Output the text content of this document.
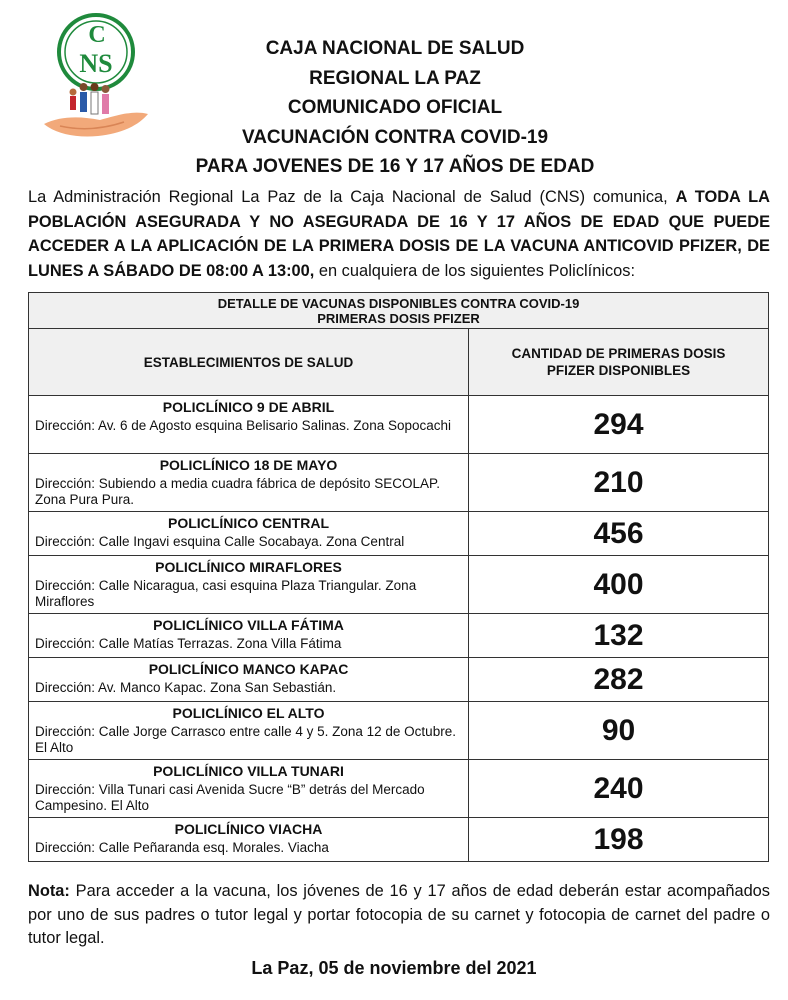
C
NS
CAJA NACIONAL DE SALUD
REGIONAL LA PAZ
COMUNICADO OFICIAL
VACUNACIÓN CONTRA COVID-19
PARA JOVENES DE 16 Y 17 AÑOS DE EDAD
La Administración Regional La Paz de la Caja Nacional de Salud (CNS) comunica, A TODA LA POBLACIÓN ASEGURADA Y NO ASEGURADA DE 16 Y 17 AÑOS DE EDAD QUE PUEDE ACCEDER A LA APLICACIÓN DE LA PRIMERA DOSIS DE LA VACUNA ANTICOVID PFIZER, DE LUNES A SÁBADO DE 08:00 A 13:00, en cualquiera de los siguientes Policlínicos:
DETALLE DE VACUNAS DISPONIBLES CONTRA COVID-19
PRIMERAS DOSIS PFIZER	

ESTABLECIMIENTOS DE SALUD	CANTIDAD DE PRIMERAS DOSIS
PFIZER DISPONIBLES

POLICLÍNICO 9 DE ABRIL
Dirección: Av. 6 de Agosto esquina Belisario Salinas. Zona Sopocachi	294

POLICLÍNICO 18 DE MAYO
Dirección: Subiendo a media cuadra fábrica de depósito SECOLAP. Zona Pura Pura.	210

POLICLÍNICO CENTRAL
Dirección: Calle Ingavi esquina Calle Socabaya. Zona Central	456

POLICLÍNICO MIRAFLORES
Dirección: Calle Nicaragua, casi esquina Plaza Triangular. Zona Miraflores	400

POLICLÍNICO VILLA FÁTIMA
Dirección: Calle Matías Terrazas. Zona Villa Fátima	132

POLICLÍNICO MANCO KAPAC
Dirección: Av. Manco Kapac. Zona San Sebastián.	282

POLICLÍNICO EL ALTO
Dirección: Calle Jorge Carrasco entre calle 4 y 5. Zona 12 de Octubre. El Alto	90

POLICLÍNICO VILLA TUNARI
Dirección: Villa Tunari casi Avenida Sucre “B” detrás del Mercado Campesino. El Alto	240

POLICLÍNICO VIACHA
Dirección: Calle Peñaranda esq. Morales. Viacha	198
Nota: Para acceder a la vacuna, los jóvenes de 16 y 17 años de edad deberán estar acompañados por uno de sus padres o tutor legal y portar fotocopia de su carnet y fotocopia de carnet del padre o tutor legal.
La Paz, 05 de noviembre del 2021
